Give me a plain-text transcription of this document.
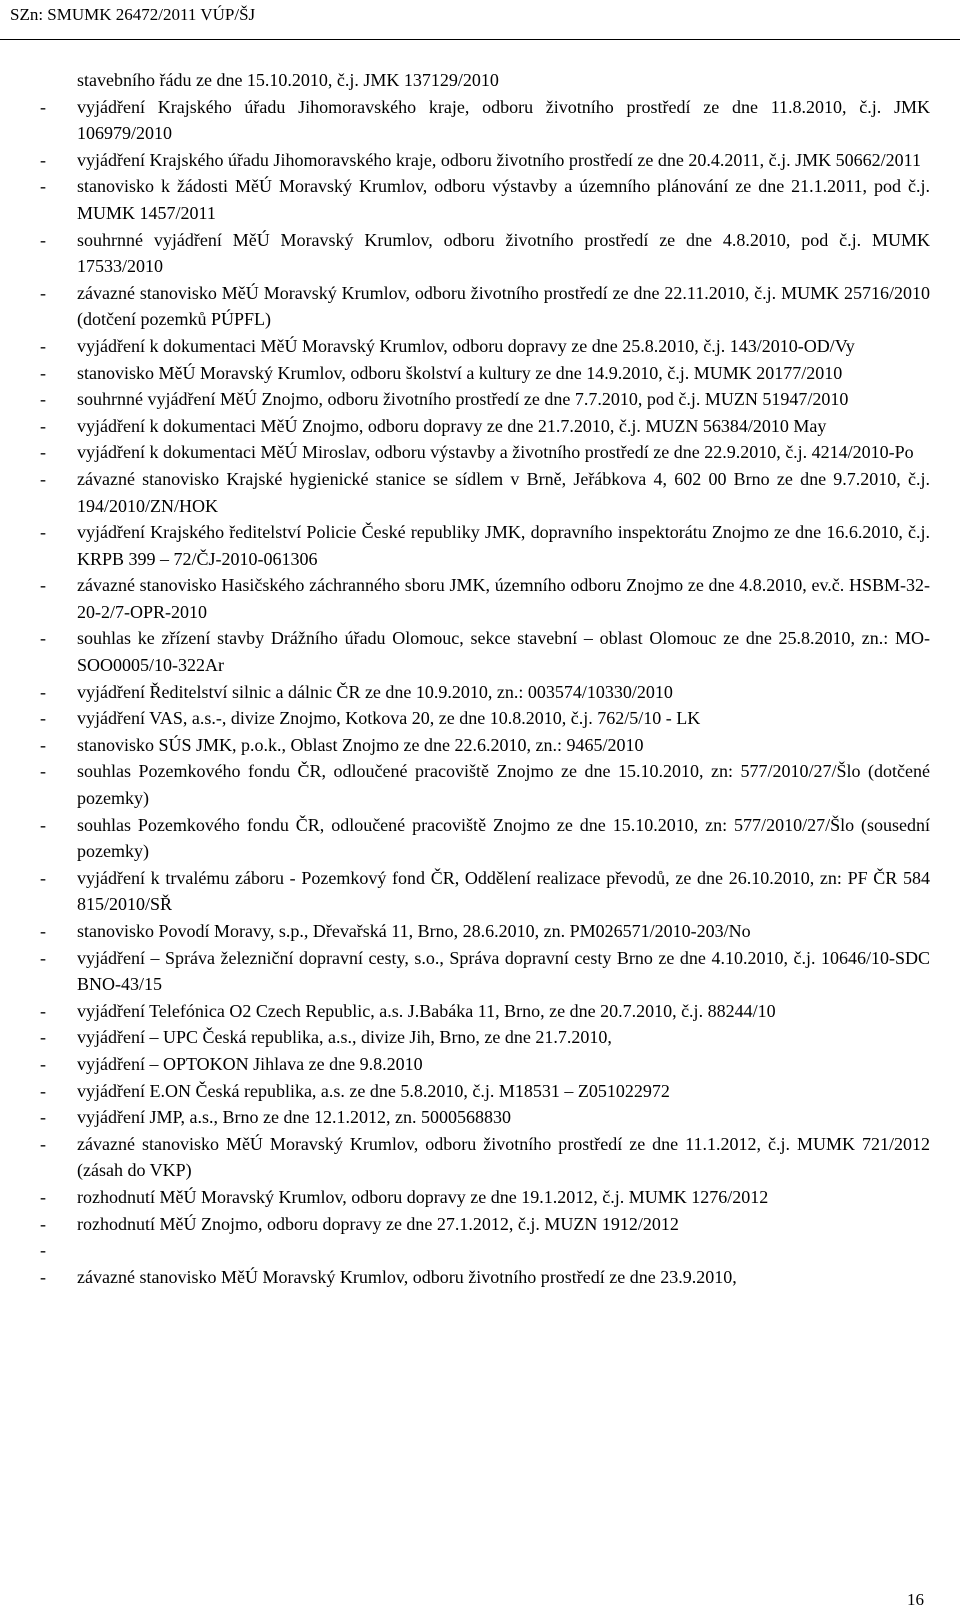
SZn: SMUMK 26472/2011 VÚP/ŠJ
stavebního řádu ze dne 15.10.2010, č.j. JMK 137129/2010
-	vyjádření Krajského úřadu Jihomoravského kraje, odboru životního prostředí ze dne 11.8.2010, č.j. JMK 106979/2010
-	vyjádření Krajského úřadu Jihomoravského kraje, odboru životního prostředí ze dne 20.4.2011, č.j. JMK 50662/2011
-	stanovisko k žádosti MěÚ Moravský Krumlov, odboru výstavby a územního plánování ze dne 21.1.2011, pod č.j. MUMK 1457/2011
-	souhrnné vyjádření MěÚ Moravský Krumlov, odboru životního prostředí ze dne 4.8.2010, pod č.j. MUMK 17533/2010
-	závazné stanovisko MěÚ Moravský Krumlov, odboru životního prostředí ze dne 22.11.2010, č.j. MUMK 25716/2010 (dotčení pozemků PÚPFL)
-	vyjádření k dokumentaci MěÚ Moravský Krumlov, odboru dopravy ze dne 25.8.2010, č.j. 143/2010-OD/Vy
-	stanovisko MěÚ Moravský Krumlov, odboru školství a kultury ze dne 14.9.2010, č.j. MUMK 20177/2010
-	souhrnné vyjádření MěÚ Znojmo, odboru životního prostředí ze dne 7.7.2010, pod č.j. MUZN 51947/2010
-	vyjádření k dokumentaci MěÚ Znojmo, odboru dopravy ze dne 21.7.2010, č.j. MUZN 56384/2010 May
-	vyjádření k dokumentaci MěÚ Miroslav, odboru výstavby a životního prostředí ze dne 22.9.2010, č.j. 4214/2010-Po
-	závazné stanovisko Krajské hygienické stanice se sídlem v Brně, Jeřábkova 4, 602 00 Brno ze dne 9.7.2010, č.j. 194/2010/ZN/HOK
-	vyjádření Krajského ředitelství Policie České republiky JMK, dopravního inspektorátu Znojmo ze dne 16.6.2010, č.j. KRPB 399 – 72/ČJ-2010-061306
-	závazné stanovisko Hasičského záchranného sboru JMK, územního odboru Znojmo ze dne 4.8.2010, ev.č. HSBM-32-20-2/7-OPR-2010
-	souhlas ke zřízení stavby Drážního úřadu Olomouc, sekce stavební – oblast Olomouc ze dne 25.8.2010, zn.: MO-SOO0005/10-322Ar
-	vyjádření Ředitelství silnic a dálnic ČR ze dne 10.9.2010, zn.: 003574/10330/2010
-	vyjádření VAS, a.s.-, divize Znojmo, Kotkova 20, ze dne 10.8.2010, č.j. 762/5/10 - LK
-	stanovisko SÚS JMK, p.o.k., Oblast Znojmo ze dne 22.6.2010, zn.: 9465/2010
-	souhlas Pozemkového fondu ČR, odloučené pracoviště Znojmo ze dne 15.10.2010, zn: 577/2010/27/Šlo (dotčené pozemky)
-	souhlas Pozemkového fondu ČR, odloučené pracoviště Znojmo ze dne 15.10.2010, zn: 577/2010/27/Šlo (sousední pozemky)
-	vyjádření k trvalému záboru - Pozemkový fond ČR, Oddělení realizace převodů, ze dne 26.10.2010, zn: PF ČR 584 815/2010/SŘ
-	stanovisko Povodí Moravy, s.p., Dřevařská 11, Brno, 28.6.2010, zn. PM026571/2010-203/No
-	vyjádření – Správa železniční dopravní cesty, s.o., Správa dopravní cesty Brno ze dne 4.10.2010, č.j. 10646/10-SDC BNO-43/15
-	vyjádření Telefónica O2 Czech Republic, a.s. J.Babáka 11, Brno, ze dne 20.7.2010, č.j. 88244/10
-	vyjádření – UPC Česká republika, a.s., divize Jih, Brno, ze dne 21.7.2010,
-	vyjádření – OPTOKON Jihlava ze dne 9.8.2010
-	vyjádření E.ON Česká republika, a.s. ze dne 5.8.2010, č.j. M18531 – Z051022972
-	vyjádření JMP, a.s., Brno ze dne 12.1.2012, zn. 5000568830
-	závazné stanovisko MěÚ Moravský Krumlov, odboru životního prostředí ze dne 11.1.2012, č.j. MUMK 721/2012 (zásah do VKP)
-	rozhodnutí MěÚ Moravský Krumlov, odboru dopravy ze dne 19.1.2012, č.j. MUMK 1276/2012
-	rozhodnutí MěÚ Znojmo, odboru dopravy ze dne 27.1.2012, č.j. MUZN 1912/2012
-
-	závazné stanovisko MěÚ Moravský Krumlov, odboru životního prostředí ze dne 23.9.2010,
16
